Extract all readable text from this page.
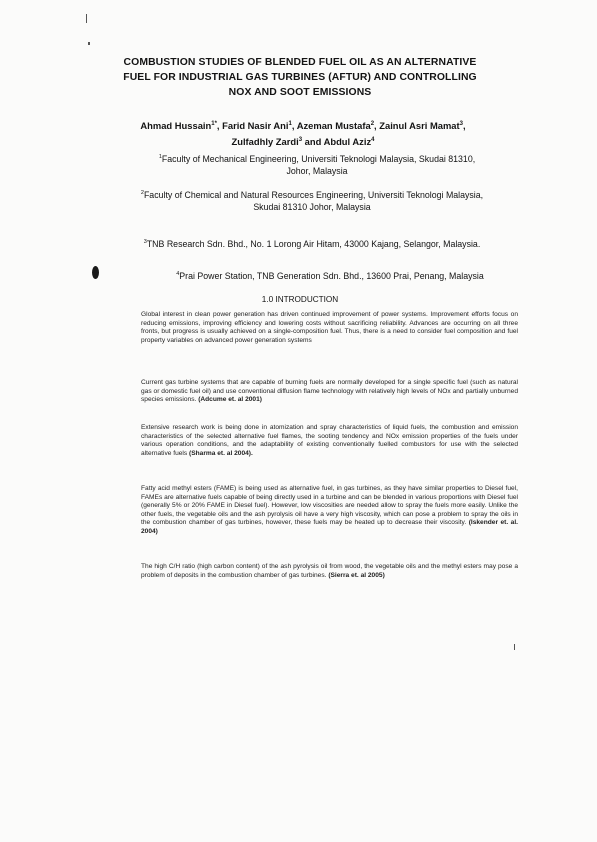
COMBUSTION STUDIES OF BLENDED FUEL OIL AS AN ALTERNATIVE FUEL FOR INDUSTRIAL GAS TURBINES (AFTUR) AND CONTROLLING NOX AND SOOT EMISSIONS
Ahmad Hussain$^{1*}$, Farid Nasir Ani$^1$, Azeman Mustafa$^2$, Zainul Asri Mamat$^3$, Zulfadhly Zardi$^3$ and Abdul Aziz$^4$
$^1$Faculty of Mechanical Engineering, Universiti Teknologi Malaysia, Skudai 81310, Johor, Malaysia
$^2$Faculty of Chemical and Natural Resources Engineering, Universiti Teknologi Malaysia, Skudai 81310 Johor, Malaysia
$^3$TNB Research Sdn. Bhd., No. 1 Lorong Air Hitam, 43000 Kajang, Selangor, Malaysia.
$^4$Prai Power Station, TNB Generation Sdn. Bhd., 13600 Prai, Penang, Malaysia
1.0 INTRODUCTION

Global interest in clean power generation has driven continued improvement of power systems. Improvement efforts focus on reducing emissions, improving efficiency and lowering costs without sacrificing reliability. Advances are occurring on all three fronts, but progress is usually achieved on a single-composition fuel. Thus, there is a need to consider fuel composition and fuel property variables on advanced power generation systems

Current gas turbine systems that are capable of burning fuels are normally developed for a single specific fuel (such as natural gas or domestic fuel oil) and use conventional diffusion flame technology with relatively high levels of NOx and partially unburned species emissions. (Adcume et. al 2001)

Extensive research work is being done in atomization and spray characteristics of liquid fuels, the combustion and emission characteristics of the selected alternative fuel flames, the sooting tendency and NOx emission properties of the fuels under various operation conditions, and the adaptability of existing conventionally fuelled combustors for use with the selected alternative fuels (Sharma et. al 2004).

Fatty acid methyl esters (FAME) is being used as alternative fuel, in gas turbines, as they have similar properties to Diesel fuel, FAMEs are alternative fuels capable of being directly used in a turbine and can be blended in various proportions with Diesel fuel (generally 5% or 20% FAME in Diesel fuel). However, low viscosities are needed allow to spray the fuels more easily. Unlike the other fuels, the vegetable oils and the ash pyrolysis oil have a very high viscosity, which can pose a problem to spray the oils in the combustion chamber of gas turbines, however, these fuels may be heated up to decrease their viscosity. (Iskender et. al. 2004)

The high C/H ratio (high carbon content) of the ash pyrolysis oil from wood, the vegetable oils and the methyl esters may pose a problem of deposits in the combustion chamber of gas turbines. (Sierra et. al 2005)
